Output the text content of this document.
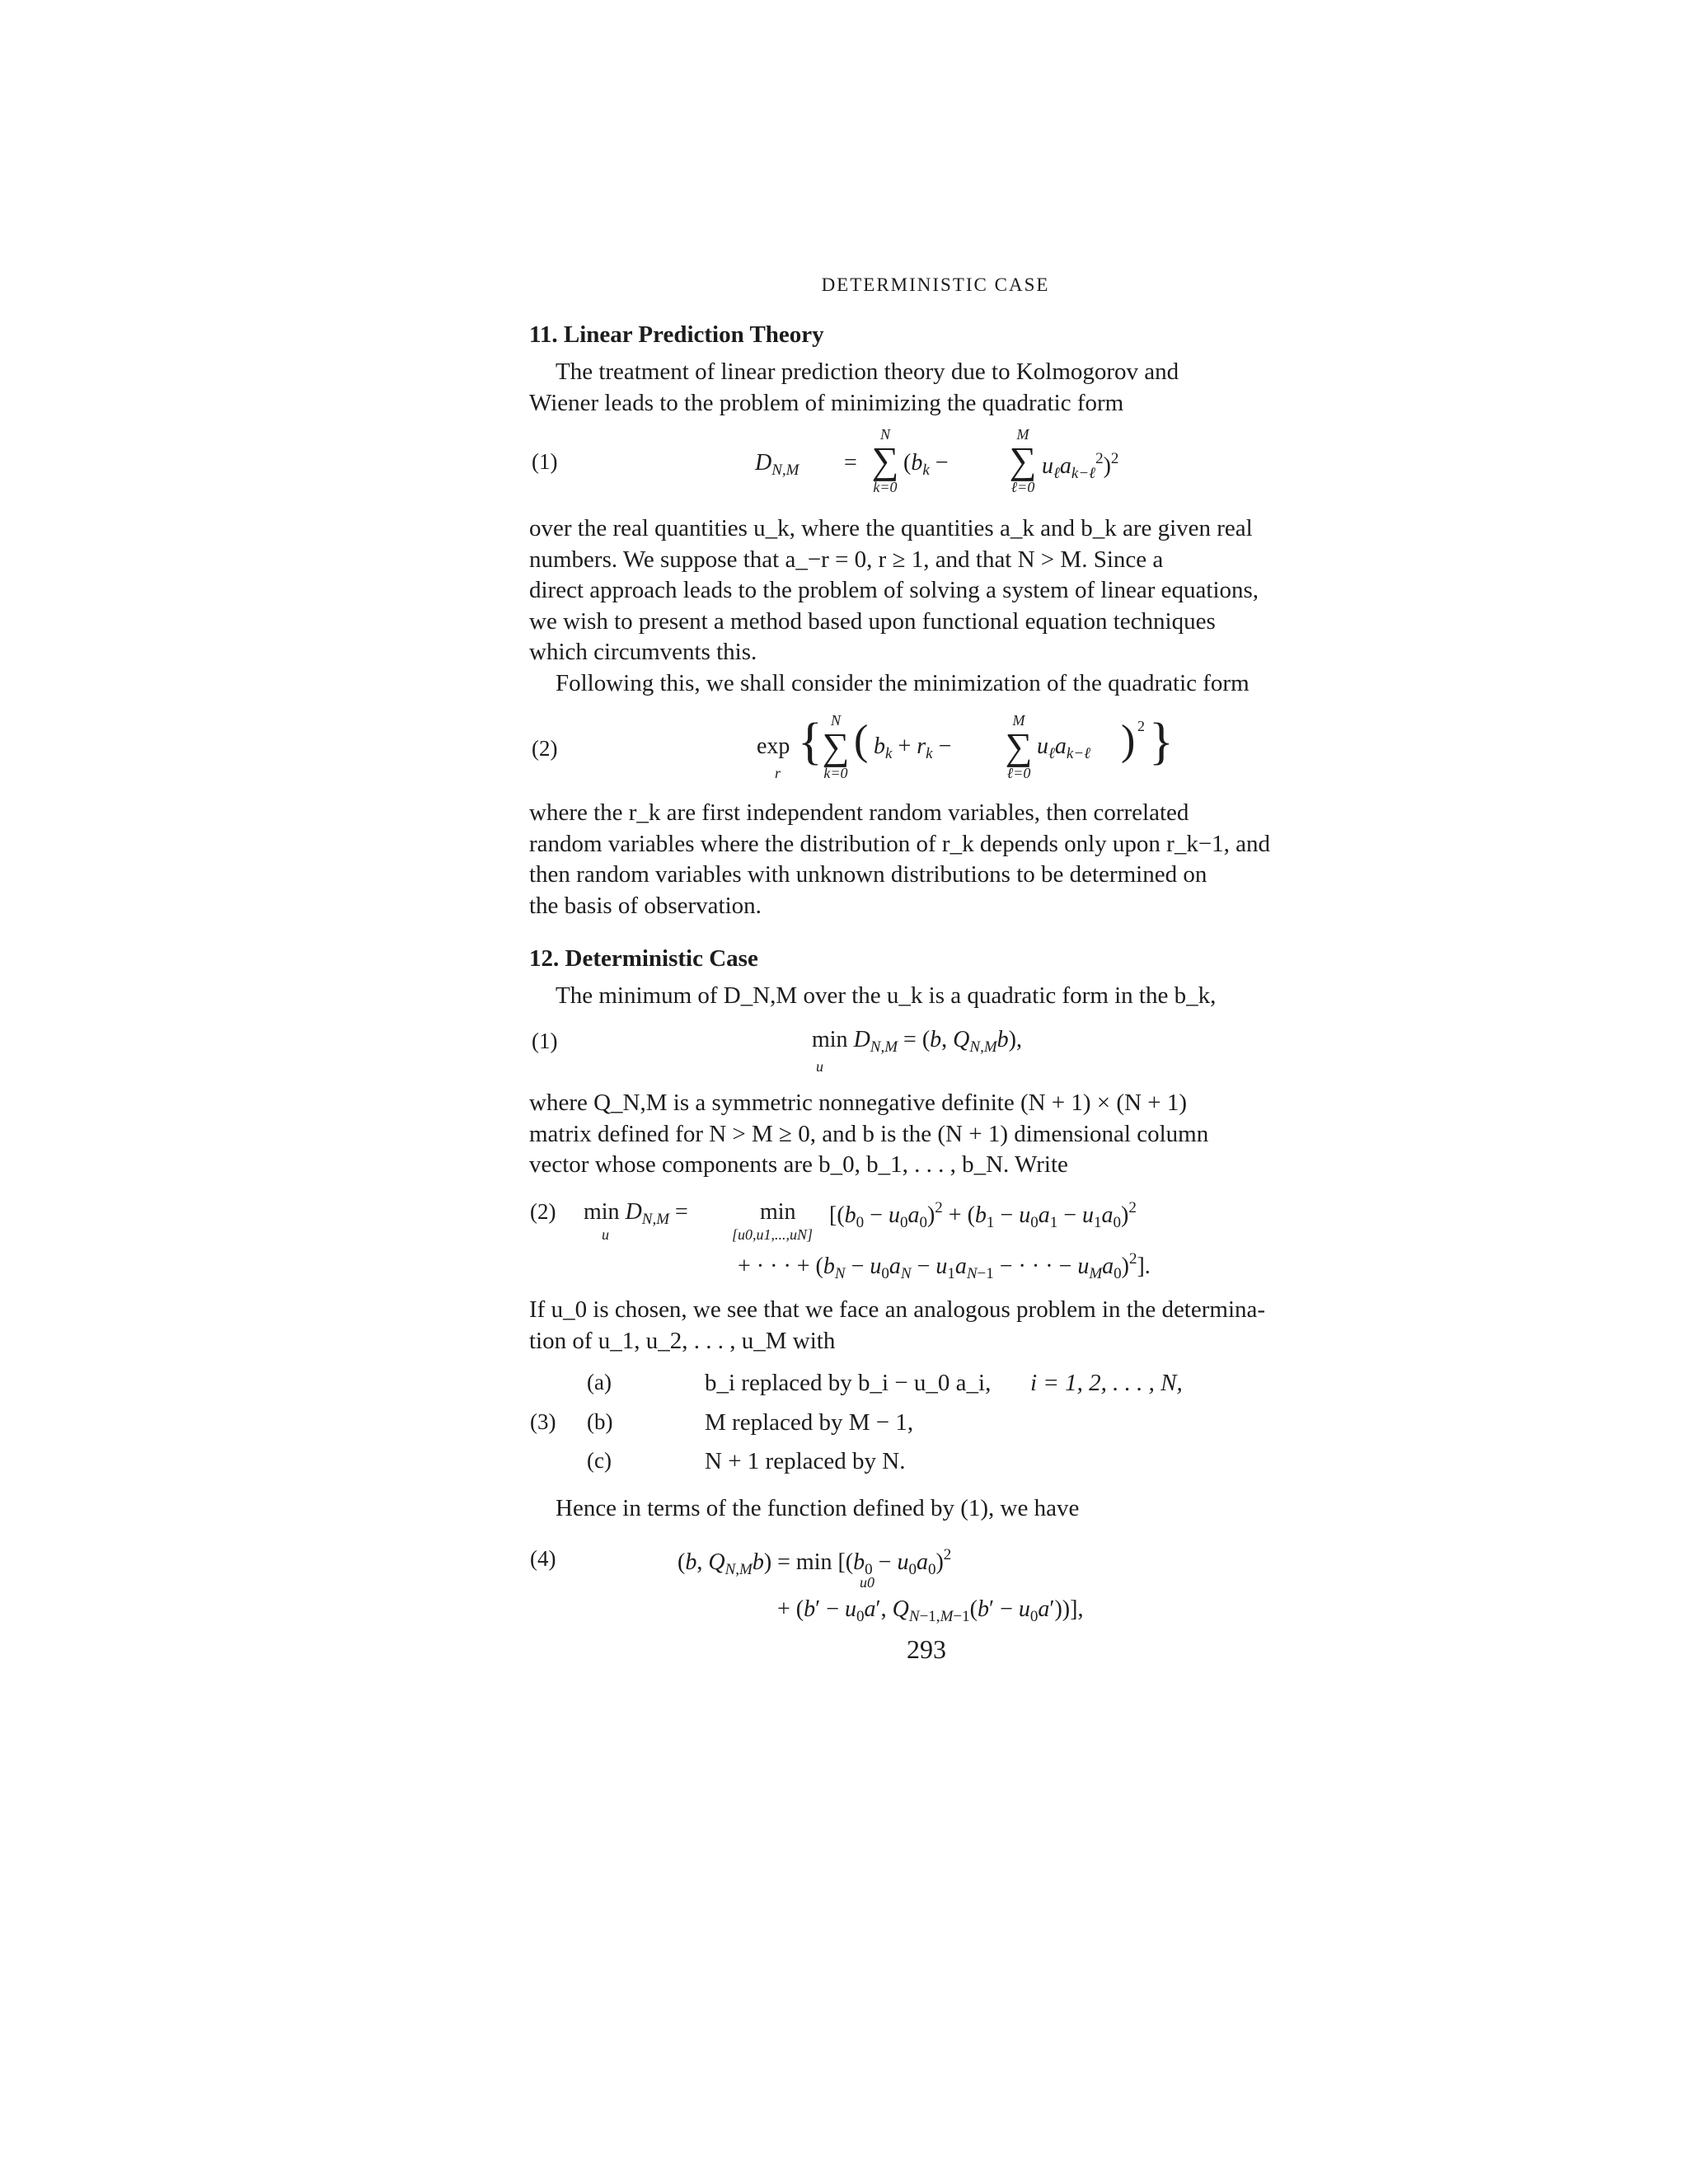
DETERMINISTIC CASE
11. Linear Prediction Theory
The treatment of linear prediction theory due to Kolmogorov and
Wiener leads to the problem of minimizing the quadratic form
(1)	$D_{N,M}$ =
N
∑
k=0
($b_k$ −
M
∑
ℓ=0
$u_\ell a_{k-\ell}^2)^2$
over the real quantities u_k, where the quantities a_k and b_k are given real
numbers. We suppose that a_−r = 0, r ≥ 1, and that N > M. Since a
direct approach leads to the problem of solving a system of linear equations,
we wish to present a method based upon functional equation techniques
which circumvents this.
Following this, we shall consider the minimization of the quadratic form
(2)	exp
r
{ N
∑
k=0
( $b_k + r_k$ −
M
∑
ℓ=0
$u_\ell a_{k-\ell}$ ) 2 }
where the r_k are first independent random variables, then correlated
random variables where the distribution of r_k depends only upon r_k−1, and
then random variables with unknown distributions to be determined on
the basis of observation.
12. Deterministic Case
The minimum of D_N,M over the u_k is a quadratic form in the b_k,
(1)	$\min D_{N,M} = (b$, $Q_{N,M}b$),
u
where Q_N,M is a symmetric nonnegative definite (N + 1) × (N + 1)
matrix defined for N > M ≥ 0, and b is the (N + 1) dimensional column
vector whose components are b_0, b_1, . . . , b_N. Write
(2) $\min D_{N,M}$ =
u
min
[u0,u1,...,uN]
[$(b_0 - u_0a_0)^2 + (b_1 - u_0a_1 - u_1a_0)^2$
+ · · · + ($b_N - u_0a_N - u_1a_{N-1}$ − · · · − $u_Ma_0)^2$].
If u_0 is chosen, we see that we face an analogous problem in the determina-
tion of u_1, u_2, . . . , u_M with
(3)
(a)	b_i replaced by b_i − u_0 a_i, i = 1, 2, . . . , N,
(b)	M replaced by M − 1,
(c)	N + 1 replaced by N.
Hence in terms of the function defined by (1), we have
(4)	(b, $Q_{N,M}b) = \min [(b_0 - u_0a_0)^2$
u0
+ ($b' - u_0a'$, $Q_{N-1,M-1}(b' - u_0a')$)],
293
